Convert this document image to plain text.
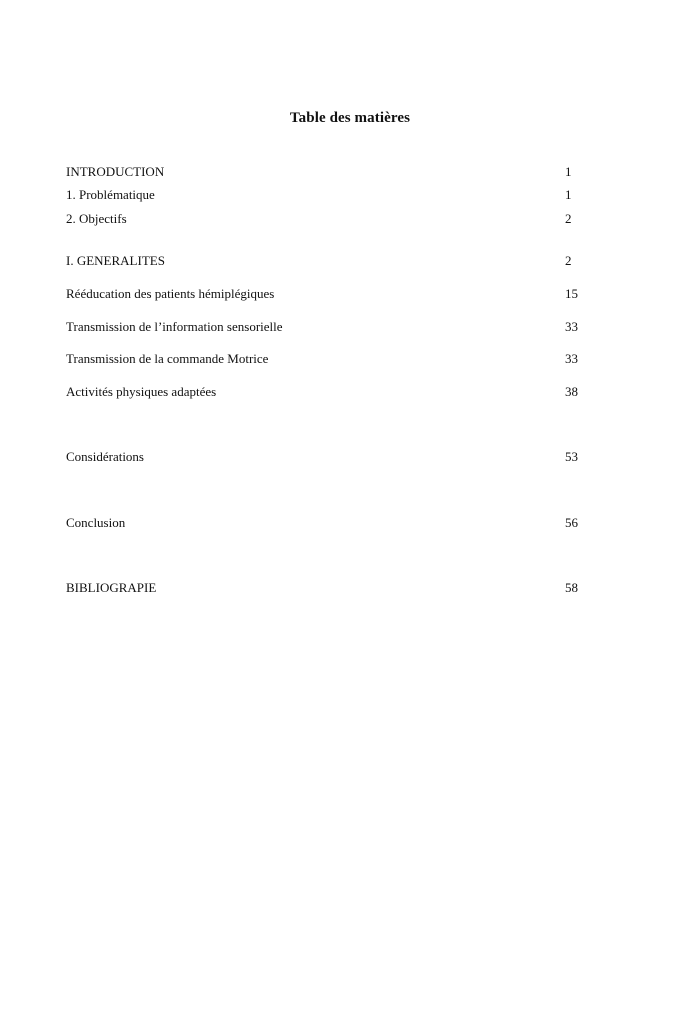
Table des matières
INTRODUCTION	1
1. Problématique	1
2. Objectifs	2
I. GENERALITES	2
Rééducation des patients hémiplégiques	15
Transmission de l’information sensorielle	33
Transmission de la commande Motrice	33
Activités physiques adaptées	38
Considérations	53
Conclusion	56
BIBLIOGRAPIE	58
